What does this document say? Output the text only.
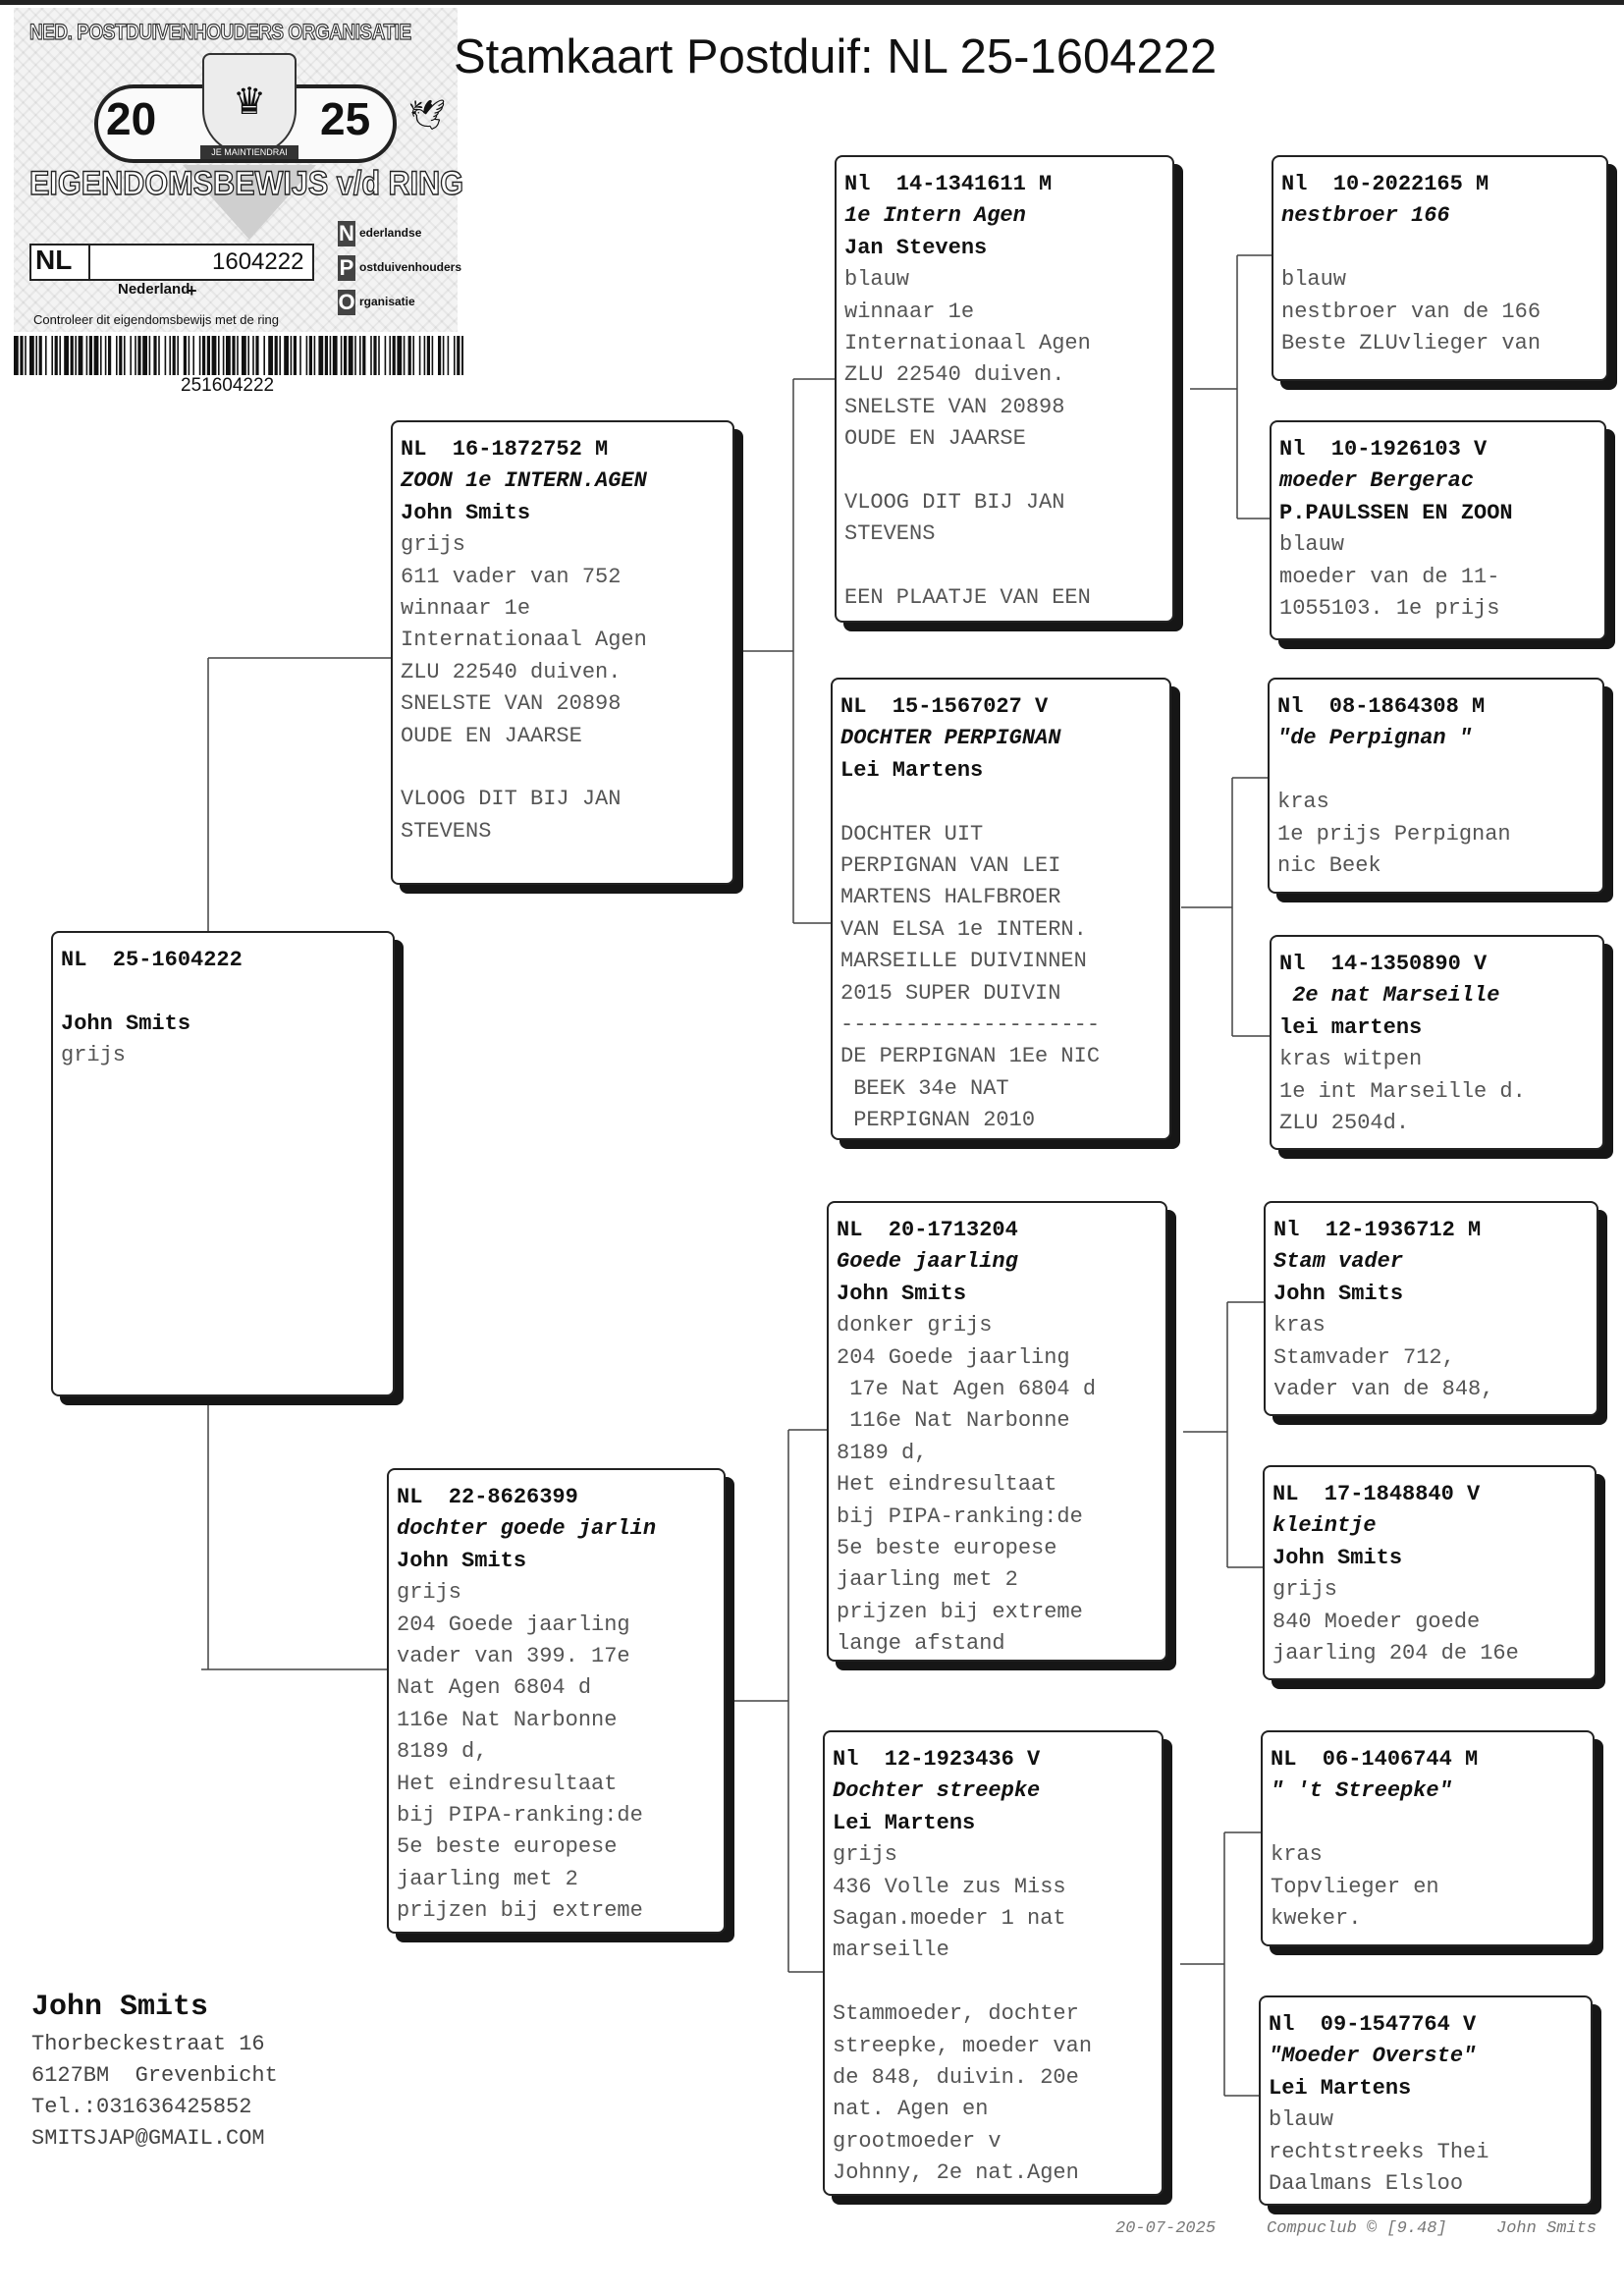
NED. POSTDUIVENHOUDERS ORGANISATIE
20	♛
JE MAINTIENDRAI
25 🕊
EIGENDOMSBEWIJS v/d RING
NL	1604222
Nederland
+
N ederlandse
P ostduivenhouders
O rganisatie
Controleer dit eigendomsbewijs met de ring
251604222
Stamkaart Postduif: NL 25-1604222
NL  25-1604222
John Smits
grijs
NL  16-1872752 M
ZOON 1e INTERN.AGEN
John Smits
grijs
611 vader van 752
winnaar 1e
Internationaal Agen
ZLU 22540 duiven.
SNELSTE VAN 20898
OUDE EN JAARSE
VLOOG DIT BIJ JAN
STEVENS
NL  22-8626399
dochter goede jarlin
John Smits
grijs
204 Goede jaarling
vader van 399. 17e
Nat Agen 6804 d
116e Nat Narbonne
8189 d,
Het eindresultaat
bij PIPA-ranking:de
5e beste europese
jaarling met 2
prijzen bij extreme
Nl  14-1341611 M
1e Intern Agen
Jan Stevens
blauw
winnaar 1e
Internationaal Agen
ZLU 22540 duiven.
SNELSTE VAN 20898
OUDE EN JAARSE
VLOOG DIT BIJ JAN
STEVENS
EEN PLAATJE VAN EEN
NL  15-1567027 V
DOCHTER PERPIGNAN
Lei Martens
DOCHTER UIT
PERPIGNAN VAN LEI
MARTENS HALFBROER
VAN ELSA 1e INTERN.
MARSEILLE DUIVINNEN
2015 SUPER DUIVIN
--------------------
DE PERPIGNAN 1Ee NIC
BEEK 34e NAT
PERPIGNAN 2010
NL  20-1713204
Goede jaarling
John Smits
donker grijs
204 Goede jaarling
17e Nat Agen 6804 d
116e Nat Narbonne
8189 d,
Het eindresultaat
bij PIPA-ranking:de
5e beste europese
jaarling met 2
prijzen bij extreme
lange afstand
Nl  12-1923436 V
Dochter streepke
Lei Martens
grijs
436 Volle zus Miss
Sagan.moeder 1 nat
marseille
Stammoeder, dochter
streepke, moeder van
de 848, duivin. 20e
nat. Agen en
grootmoeder v
Johnny, 2e nat.Agen
Nl  10-2022165 M
nestbroer 166
blauw
nestbroer van de 166
Beste ZLUvlieger van
Nl  10-1926103 V
moeder Bergerac
P.PAULSSEN EN ZOON
blauw
moeder van de 11-
1055103. 1e prijs
Nl  08-1864308 M
"de Perpignan "
kras
1e prijs Perpignan
nic Beek
Nl  14-1350890 V
2e nat Marseille
lei martens
kras witpen
1e int Marseille d.
ZLU 2504d.
Nl  12-1936712 M
Stam vader
John Smits
kras
Stamvader 712,
vader van de 848,
NL  17-1848840 V
kleintje
John Smits
grijs
840 Moeder goede
jaarling 204 de 16e
NL  06-1406744 M
" 't Streepke"
kras
Topvlieger en
kweker.
Nl  09-1547764 V
"Moeder Overste"
Lei Martens
blauw
rechtstreeks Thei
Daalmans Elsloo
John Smits
Thorbeckestraat 16
6127BM  Grevenbicht
Tel.:031636425852
SMITSJAP@GMAIL.COM
20-07-2025	Compuclub © [9.48]	John Smits
